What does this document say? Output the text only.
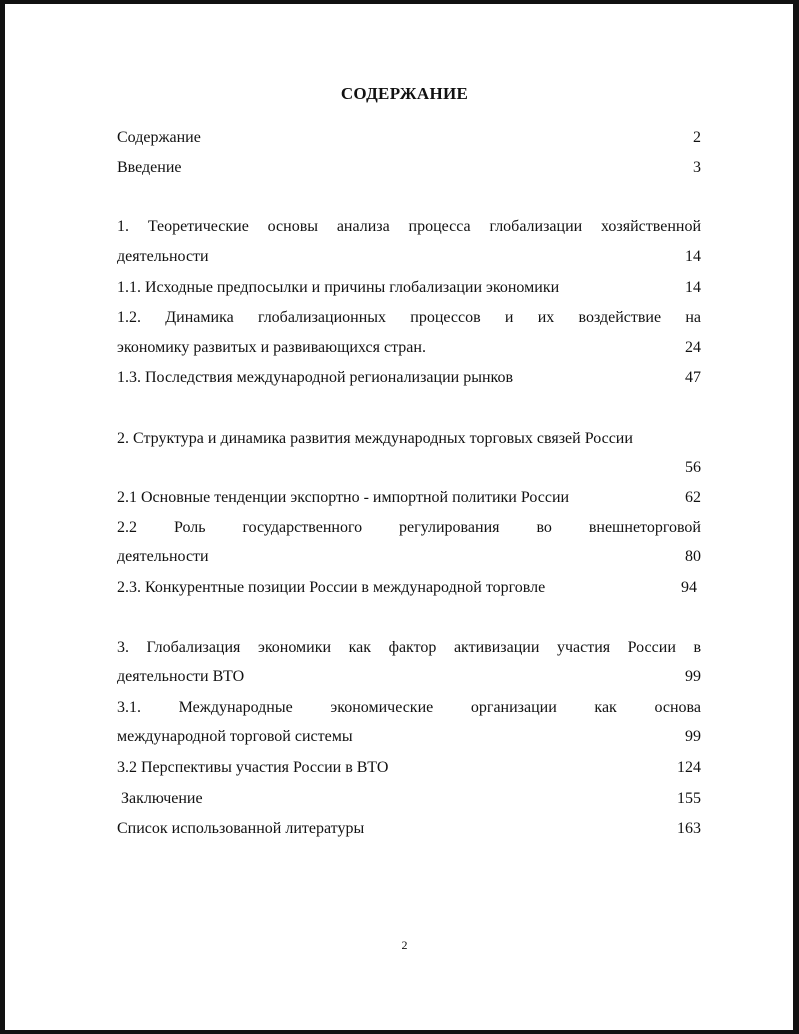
СОДЕРЖАНИЕ
Содержание	2
Введение	3
1. Теоретические основы анализа процесса глобализации хозяйственной
деятельности	14
1.1. Исходные предпосылки и причины глобализации экономики	14
1.2. Динамика глобализационных процессов и их воздействие на
экономику развитых и развивающихся стран.	24
1.3. Последствия международной регионализации рынков	47
2. Структура и динамика развития международных торговых связей России
56
2.1 Основные тенденции экспортно - импортной политики России	62
2.2 Роль государственного регулирования во внешнеторговой
деятельности	80
2.3. Конкурентные позиции России в международной торговле	94
3. Глобализация экономики как фактор активизации участия России в
деятельности ВТО	99
3.1. Международные экономические организации как основа
международной торговой системы	99
3.2 Перспективы участия России в ВТО	124
Заключение	155
Список использованной литературы	163
2
